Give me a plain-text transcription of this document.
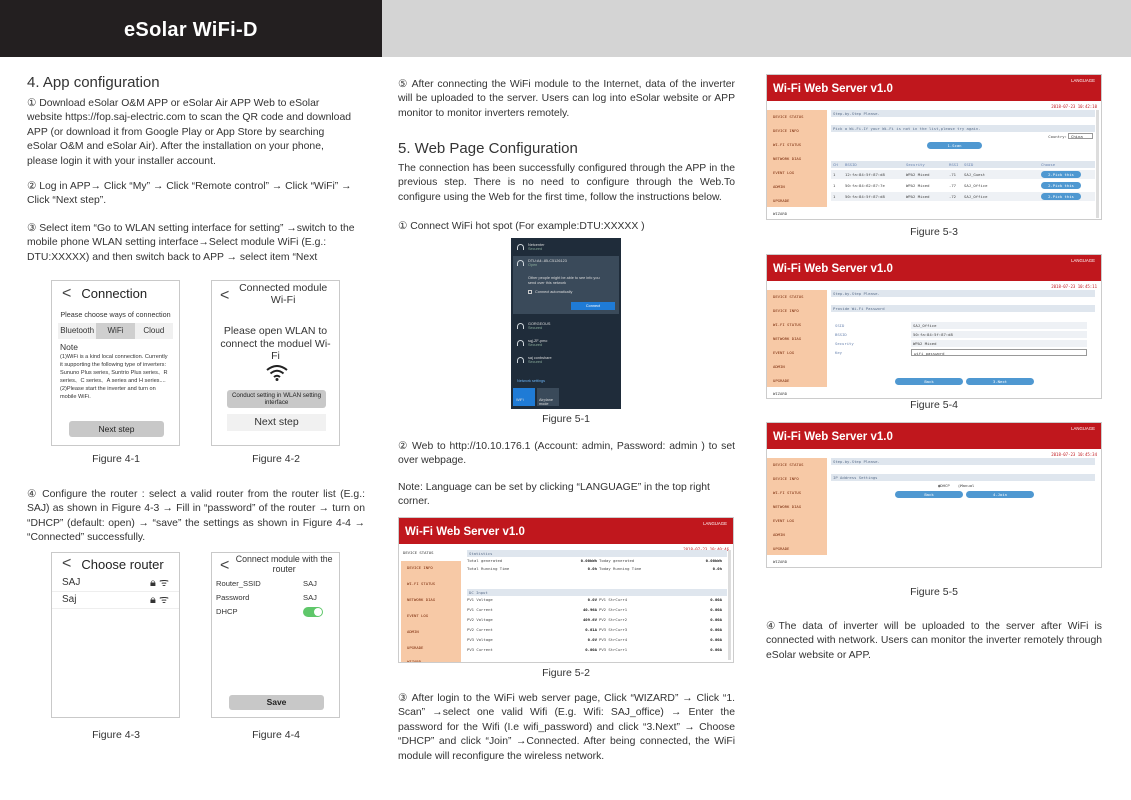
eSolar WiFi-D
4. App configuration
① Download eSolar O&M APP or eSolar Air APP Web to eSolar website https://fop.saj-electric.com to scan the QR code and download APP (or download it from Google Play or App Store by searching eSolar O&M and eSolar Air). After the installation on your phone, please login it with your installer account.
② Log in APP→ Click “My” → Click “Remote control” → Click “WiFi” → Click “Next step”.
③ Select item “Go to WLAN setting interface for setting” →switch to the mobile phone WLAN setting interface→Select module WiFi (E.g.: DTU:XXXXX) and then switch back to APP → select item “Next
< Connection
Please choose ways of connection
Bluetooth	WiFi	Cloud
Note
(1)WiFi is a kind local connection. Currently it supporting the following type of inverters: Sununo Plus series, Suntrio Plus series、R series、C series、A series and H series....
(2)Please start the inverter and turn on mobile WiFi.
Next step
Figure 4-1
< Connected module Wi-Fi
Please open WLAN to connect the moduel Wi-Fi
Conduct setting in WLAN setting interface
Next step
Figure 4-2
④ Configure the router : select a valid router from the router list (E.g.: SAJ) as shown in Figure 4-3 → Fill in “password” of the router → turn on “DHCP” (default: open) → “save” the settings as shown in Figure 4-4 → “Connected” successfully.
< Choose router
SAJ	🔒︎ ᯤ
Saj	🔒︎ ᯤ
Figure 4-3
< Connect module with the router
Router_SSID	SAJ
Password	SAJ
DHCP
Save
Figure 4-4
⑤ After connecting the WiFi module to the Internet, data of the inverter will be uploaded to the server. Users can log into eSolar website or APP monitor to monitor inverters remotely.
5. Web Page Configuration
The connection has been successfully configured through the APP in the previous step. There is no need to configure through the Web.To configure using the Web for the first time, follow the instructions below.
① Connect WiFi hot spot (For example:DTU:XXXXX )
Netcenter
Secured
DTU:A4:-85-C5126123
Open
Other people might be able to see info you send over this network
Connect automatically
Connect
GORGEOUS
Secured
sqj-ZF-pmo
Secured
saj conbshare
Secured
Network settings
WiFi	Airplane mode
Figure 5-1
② Web to http://10.10.176.1 (Account: admin, Password: admin ) to set over webpage.
Note: Language can be set by clicking “LANGUAGE” in the top right corner.
Wi-Fi Web Server v1.0
LANGUAGE
DEVICE STATUS
DEVICE INFO
WI-FI STATUS
NETWORK DIAG
EVENT LOG
ADMIN
UPGRADE
WIZARD
Statistics
Total generated	0.00kWh Today generated	0.00kWh
Total Running Time	0.0h Today Running Time	0.0h
DC Input
PV1 Voltage	0.0V PV1 StrCurr4	0.00A
PV1 Current	40.96A PV2 StrCurr1	0.00A
PV2 Voltage	409.6V PV2 StrCurr2	0.00A
PV2 Current	0.01A PV3 StrCurr3	0.00A
PV3 Voltage	0.0V PV3 StrCurr4	0.00A
PV3 Current	0.00A PV3 StrCurr1	0.00A
Figure 5-2
③ After login to the WiFi web server page, Click “WIZARD” → Click “1. Scan” →select one valid Wifi (E.g. Wifi: SAJ_office) → Enter the password for the Wifi (I.e wifi_password) and click “3.Next” → Choose “DHCP” and click “Join” →Connected. After being connected, the WiFi module will reconfigure the wireless network.
Wi-Fi Web Server v1.0
LANGUAGE
2018-07-23 10:42:10
DEVICE STATUS
DEVICE INFO
WI-FI STATUS
NETWORK DIAG
EVENT LOG
ADMIN
UPGRADE
WIZARD
Step-by-Step Please.
Pick a Wi-Fi.If your Wi-Fi is not in the list,please try again.
Country:	China
1.Scan
CH BSSID	Security	RSSI SSID	Choose
1 12:fa:84:5f:87:d8	WPA2 Mixed	-71 SAJ_Guest	2.Pick this
1 50:fa:84:62:87:7e	WPA2 Mixed	-77 SAJ_Office	2.Pick this
1 50:fa:84:5f:87:d8	WPA2 Mixed	-72 SAJ_Office	2.Pick this
Figure 5-3
Wi-Fi Web Server v1.0
LANGUAGE
2018-07-23 10:45:11
DEVICE STATUS
DEVICE INFO
WI-FI STATUS
NETWORK DIAG
EVENT LOG
ADMIN
UPGRADE
WIZARD
Step-by-Step Please.
Provide Wi-Fi Password
SSID	SAJ_Office
BSSID	50:fa:84:5f:87:d8
Security	WPA2 Mixed
Key	wifi_password
Back	3.Next
Figure 5-4
Wi-Fi Web Server v1.0
LANGUAGE
2018-07-23 10:45:34
DEVICE STATUS
DEVICE INFO
WI-FI STATUS
NETWORK DIAG
EVENT LOG
ADMIN
UPGRADE
WIZARD
Step-by-Step Please.
IP Address Settings
◉DHCP ○Manual
Back	4.Join
Figure 5-5
④The data of inverter will be uploaded to the server after WiFi is connected with network. Users can monitor the inverter remotely through eSolar website or APP.
